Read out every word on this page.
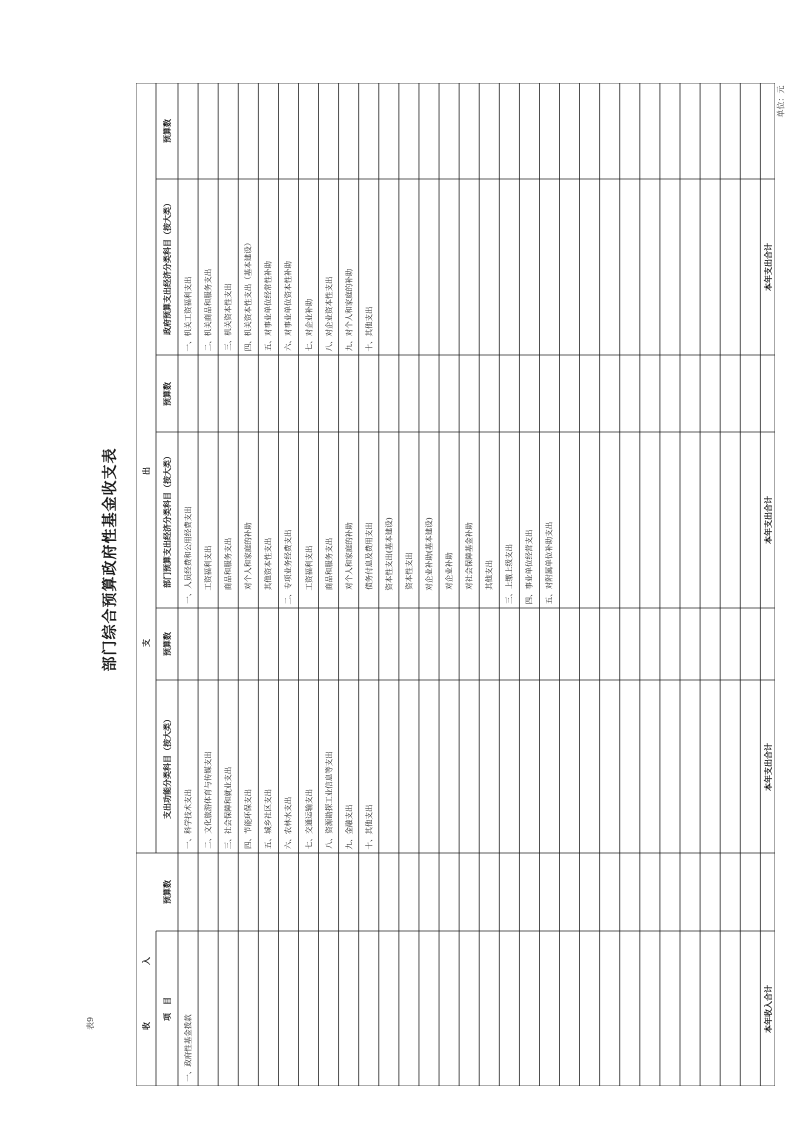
表9
单位：元
部门综合预算政府性基金收支表
收
入
支
出
项　目
预算数
支出功能分类科目（按大类）
预算数
部门预算支出经济分类科目（按大类）
预算数
政府预算支出经济分类科目（按大类）
预算数
一、政府性基金拨款
一、科学技术支出 二、文化旅游体育与传媒支出 三、社会保障和就业支出 四、节能环保支出 五、城乡社区支出 六、农林水支出 七、交通运输支出 八、资源勘探工业信息等支出 九、金融支出 十、其他支出
一、人员经费和公用经费支出 工资福利支出 商品和服务支出 对个人和家庭的补助 其他资本性支出 二、专项业务经费支出 工资福利支出 商品和服务支出 对个人和家庭的补助 债务付息及费用支出 资本性支出(基本建设) 资本性支出 对企业补助(基本建设) 对企业补助 对社会保障基金补助 其他支出 三、上缴上级支出 四、事业单位经营支出 五、对附属单位补助支出
一、机关工资福利支出 二、机关商品和服务支出 三、机关资本性支出 四、机关资本性支出（基本建设） 五、对事业单位经常性补助 六、对事业单位资本性补助 七、对企业补助 八、对企业资本性支出 九、对个人和家庭的补助 十、其他支出
本年收入合计
本年支出合计
本年支出合计
本年支出合计
